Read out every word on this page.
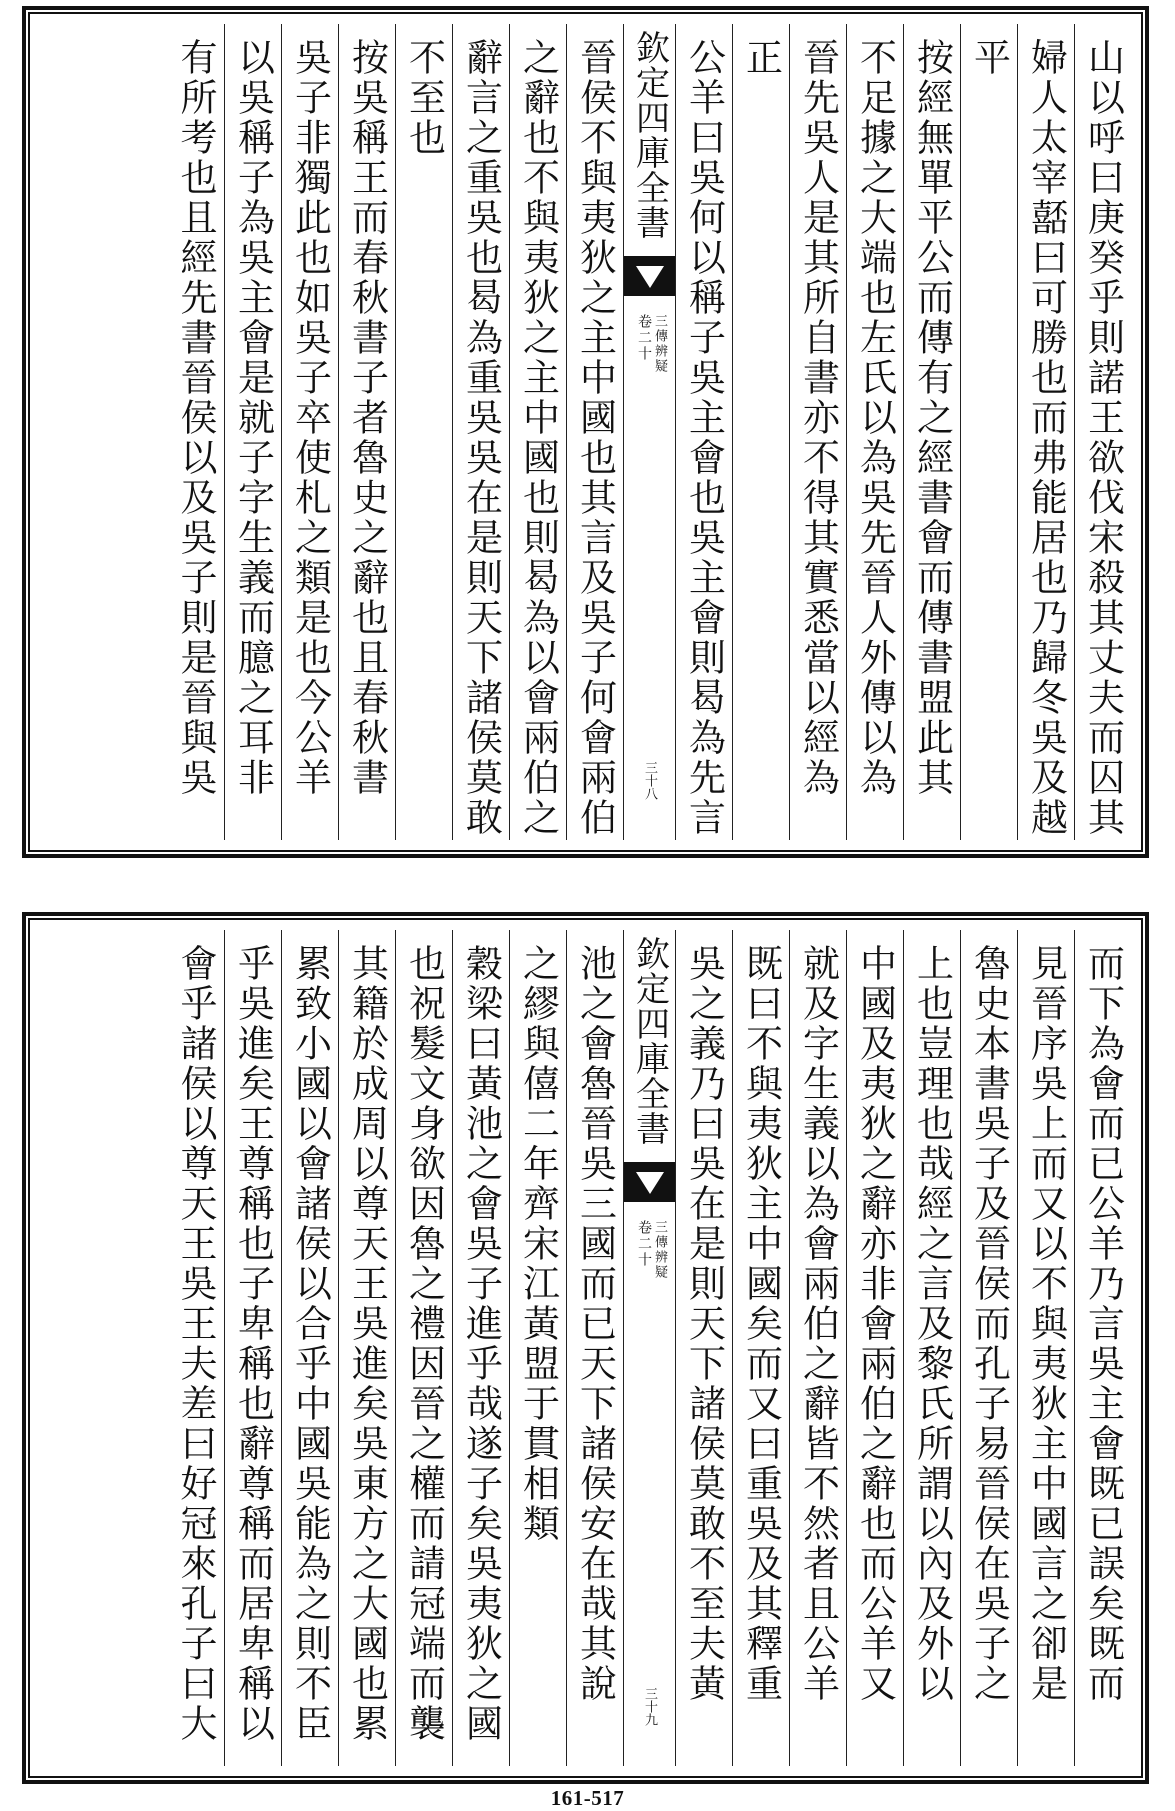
山以呼曰庚癸乎則諾王欲伐宋殺其丈夫而囚其
婦人太宰嚭曰可勝也而弗能居也乃歸冬吳及越
平
按經無單平公而傳有之經書會而傳書盟此其
不足據之大端也左氏以為吳先晉人外傳以為
晉先吳人是其所自書亦不得其實悉當以經為
正
公羊曰吳何以稱子吳主會也吳主會則曷為先言
欽定四庫全書
三傳辨疑
卷二十
三十八
晉侯不與夷狄之主中國也其言及吳子何會兩伯
之辭也不與夷狄之主中國也則曷為以會兩伯之
辭言之重吳也曷為重吳吳在是則天下諸侯莫敢
不至也
按吳稱王而春秋書子者魯史之辭也且春秋書
吳子非獨此也如吳子卒使札之類是也今公羊
以吳稱子為吳主會是就子字生義而臆之耳非
有所考也且經先書晉侯以及吳子則是晉與吳
而下為會而已公羊乃言吳主會既已誤矣既而
見晉序吳上而又以不與夷狄主中國言之卻是
魯史本書吳子及晉侯而孔子易晉侯在吳子之
上也豈理也哉經之言及黎氏所謂以內及外以
中國及夷狄之辭亦非會兩伯之辭也而公羊又
就及字生義以為會兩伯之辭皆不然者且公羊
既曰不與夷狄主中國矣而又曰重吳及其釋重
吳之義乃曰吳在是則天下諸侯莫敢不至夫黃
欽定四庫全書
三傳辨疑
卷二十
三十九
池之會魯晉吳三國而已天下諸侯安在哉其說
之繆與僖二年齊宋江黃盟于貫相類
穀梁曰黃池之會吳子進乎哉遂子矣吳夷狄之國
也祝髮文身欲因魯之禮因晉之權而請冠端而襲
其籍於成周以尊天王吳進矣吳東方之大國也累
累致小國以會諸侯以合乎中國吳能為之則不臣
乎吳進矣王尊稱也子卑稱也辭尊稱而居卑稱以
會乎諸侯以尊天王吳王夫差曰好冠來孔子曰大
161-517
